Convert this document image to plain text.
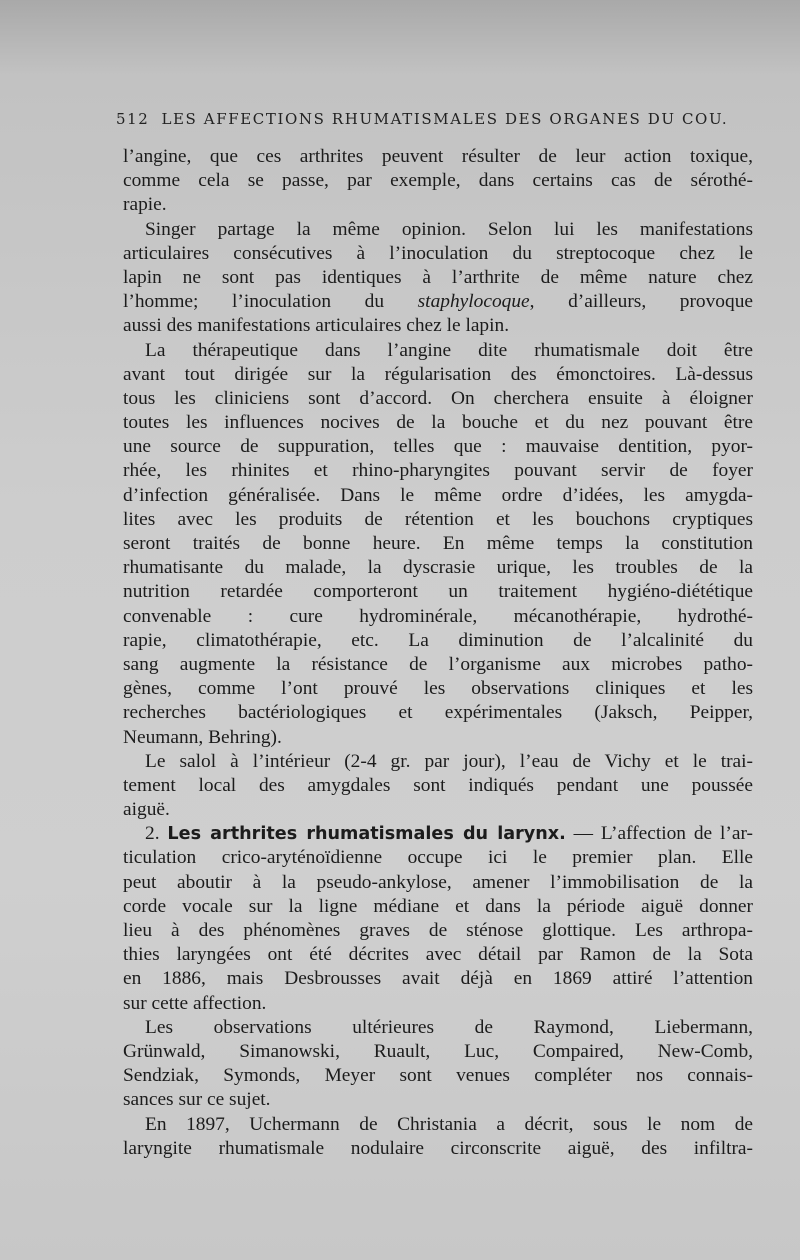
512 LES AFFECTIONS RHUMATISMALES DES ORGANES DU COU.
l’angine, que ces arthrites peuvent résulter de leur action toxique,
comme cela se passe, par exemple, dans certains cas de sérothé-
rapie.
Singer partage la même opinion. Selon lui les manifestations
articulaires consécutives à l’inoculation du streptocoque chez le
lapin ne sont pas identiques à l’arthrite de même nature chez
l’homme; l’inoculation du staphylocoque, d’ailleurs, provoque
aussi des manifestations articulaires chez le lapin.
La thérapeutique dans l’angine dite rhumatismale doit être
avant tout dirigée sur la régularisation des émonctoires. Là-dessus
tous les cliniciens sont d’accord. On cherchera ensuite à éloigner
toutes les influences nocives de la bouche et du nez pouvant être
une source de suppuration, telles que : mauvaise dentition, pyor-
rhée, les rhinites et rhino-pharyngites pouvant servir de foyer
d’infection généralisée. Dans le même ordre d’idées, les amygda-
lites avec les produits de rétention et les bouchons cryptiques
seront traités de bonne heure. En même temps la constitution
rhumatisante du malade, la dyscrasie urique, les troubles de la
nutrition retardée comporteront un traitement hygiéno-diététique
convenable : cure hydrominérale, mécanothérapie, hydrothé-
rapie, climatothérapie, etc. La diminution de l’alcalinité du
sang augmente la résistance de l’organisme aux microbes patho-
gènes, comme l’ont prouvé les observations cliniques et les
recherches bactériologiques et expérimentales (Jaksch, Peipper,
Neumann, Behring).
Le salol à l’intérieur (2-4 gr. par jour), l’eau de Vichy et le trai-
tement local des amygdales sont indiqués pendant une poussée
aiguë.
2. Les arthrites rhumatismales du larynx. — L’affection de l’ar-
ticulation crico-aryténoïdienne occupe ici le premier plan. Elle
peut aboutir à la pseudo-ankylose, amener l’immobilisation de la
corde vocale sur la ligne médiane et dans la période aiguë donner
lieu à des phénomènes graves de sténose glottique. Les arthropa-
thies laryngées ont été décrites avec détail par Ramon de la Sota
en 1886, mais Desbrousses avait déjà en 1869 attiré l’attention
sur cette affection.
Les observations ultérieures de Raymond, Liebermann,
Grünwald, Simanowski, Ruault, Luc, Compaired, New-Comb,
Sendziak, Symonds, Meyer sont venues compléter nos connais-
sances sur ce sujet.
En 1897, Uchermann de Christania a décrit, sous le nom de
laryngite rhumatismale nodulaire circonscrite aiguë, des infiltra-
